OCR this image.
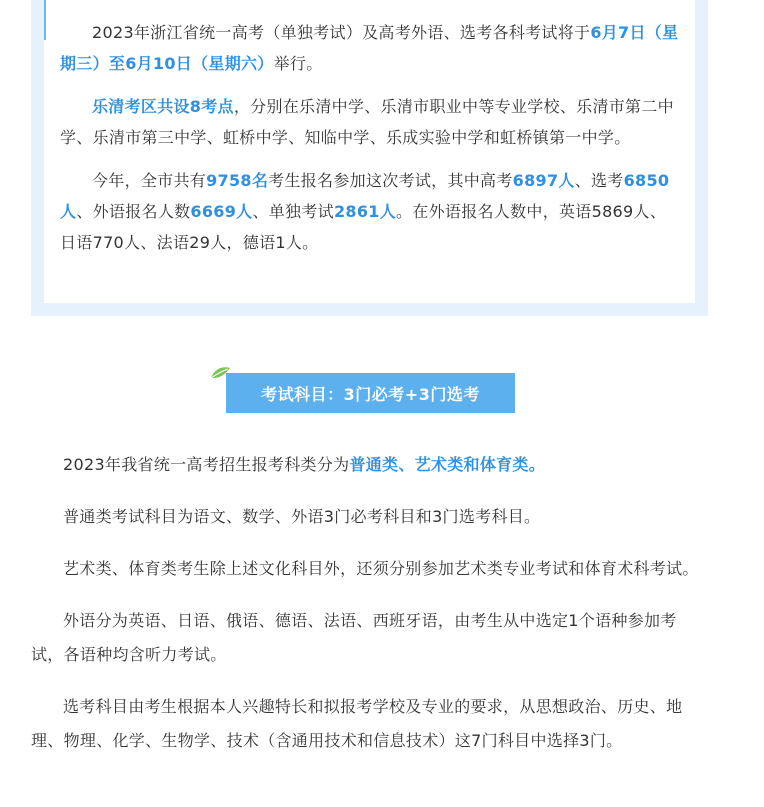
2023年浙江省统一高考（单独考试）及高考外语、选考各科考试将于6月7日（星期三）至6月10日（星期六）举行。

乐清考区共设8考点，分别在乐清中学、乐清市职业中等专业学校、乐清市第二中学、乐清市第三中学、虹桥中学、知临中学、乐成实验中学和虹桥镇第一中学。

今年，全市共有9758名考生报名参加这次考试，其中高考6897人、选考6850人、外语报名人数6669人、单独考试2861人。在外语报名人数中，英语5869人、日语770人、法语29人，德语1人。

考试科目：3门必考+3门选考

2023年我省统一高考招生报考科类分为普通类、艺术类和体育类。

普通类考试科目为语文、数学、外语3门必考科目和3门选考科目。

艺术类、体育类考生除上述文化科目外，还须分别参加艺术类专业考试和体育术科考试。

外语分为英语、日语、俄语、德语、法语、西班牙语，由考生从中选定1个语种参加考试，各语种均含听力考试。

选考科目由考生根据本人兴趣特长和拟报考学校及专业的要求，从思想政治、历史、地理、物理、化学、生物学、技术（含通用技术和信息技术）这7门科目中选择3门。
